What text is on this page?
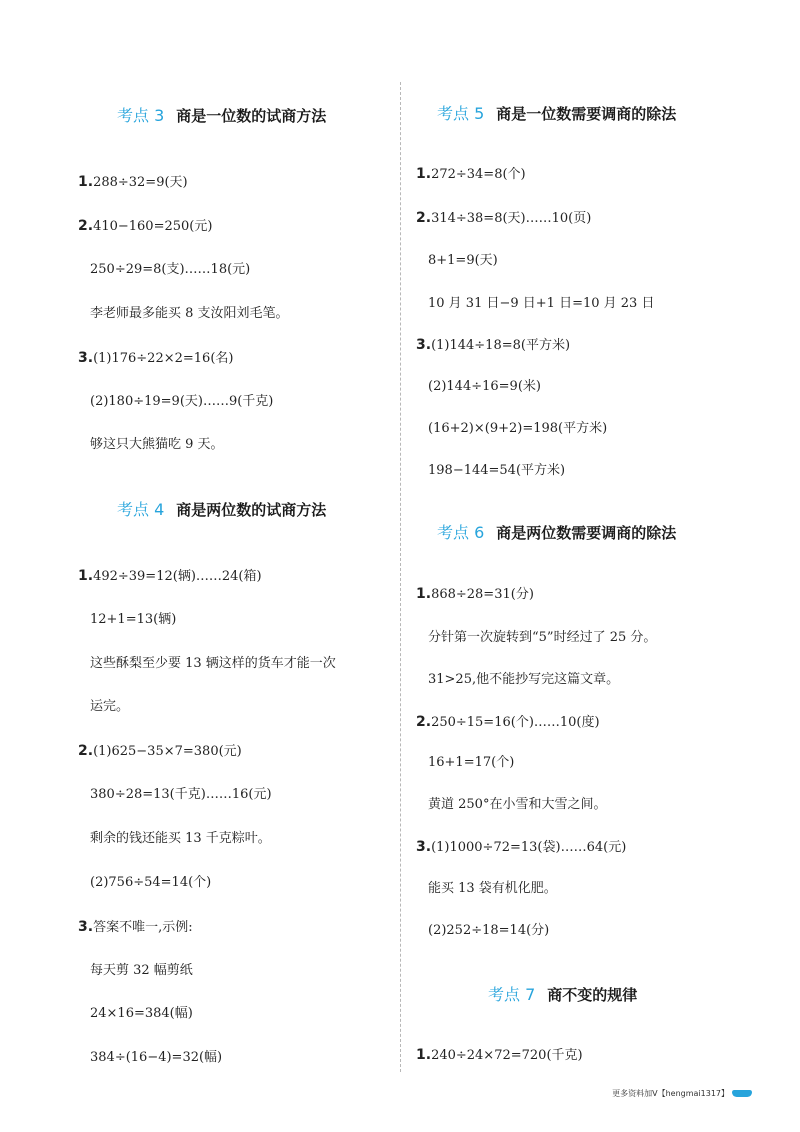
考点 3 商是一位数的试商方法
1.288÷32=9(天)
2.410−160=250(元)
250÷29=8(支)……18(元)
李老师最多能买 8 支汝阳刘毛笔。
3.(1)176÷22×2=16(名)
(2)180÷19=9(天)……9(千克)
够这只大熊猫吃 9 天。
考点 4 商是两位数的试商方法
1.492÷39=12(辆)……24(箱)
12+1=13(辆)
这些酥梨至少要 13 辆这样的货车才能一次
运完。
2.(1)625−35×7=380(元)
380÷28=13(千克)……16(元)
剩余的钱还能买 13 千克粽叶。
(2)756÷54=14(个)
3.答案不唯一,示例:
每天剪 32 幅剪纸
24×16=384(幅)
384÷(16−4)=32(幅)
考点 5 商是一位数需要调商的除法
1.272÷34=8(个)
2.314÷38=8(天)……10(页)
8+1=9(天)
10 月 31 日−9 日+1 日=10 月 23 日
3.(1)144÷18=8(平方米)
(2)144÷16=9(米)
(16+2)×(9+2)=198(平方米)
198−144=54(平方米)
考点 6 商是两位数需要调商的除法
1.868÷28=31(分)
分针第一次旋转到“5”时经过了 25 分。
31>25,他不能抄写完这篇文章。
2.250÷15=16(个)……10(度)
16+1=17(个)
黄道 250°在小雪和大雪之间。
3.(1)1000÷72=13(袋)……64(元)
能买 13 袋有机化肥。
(2)252÷18=14(分)
考点 7 商不变的规律
1.240÷24×72=720(千克)
更多资料加V【hengmai1317】
